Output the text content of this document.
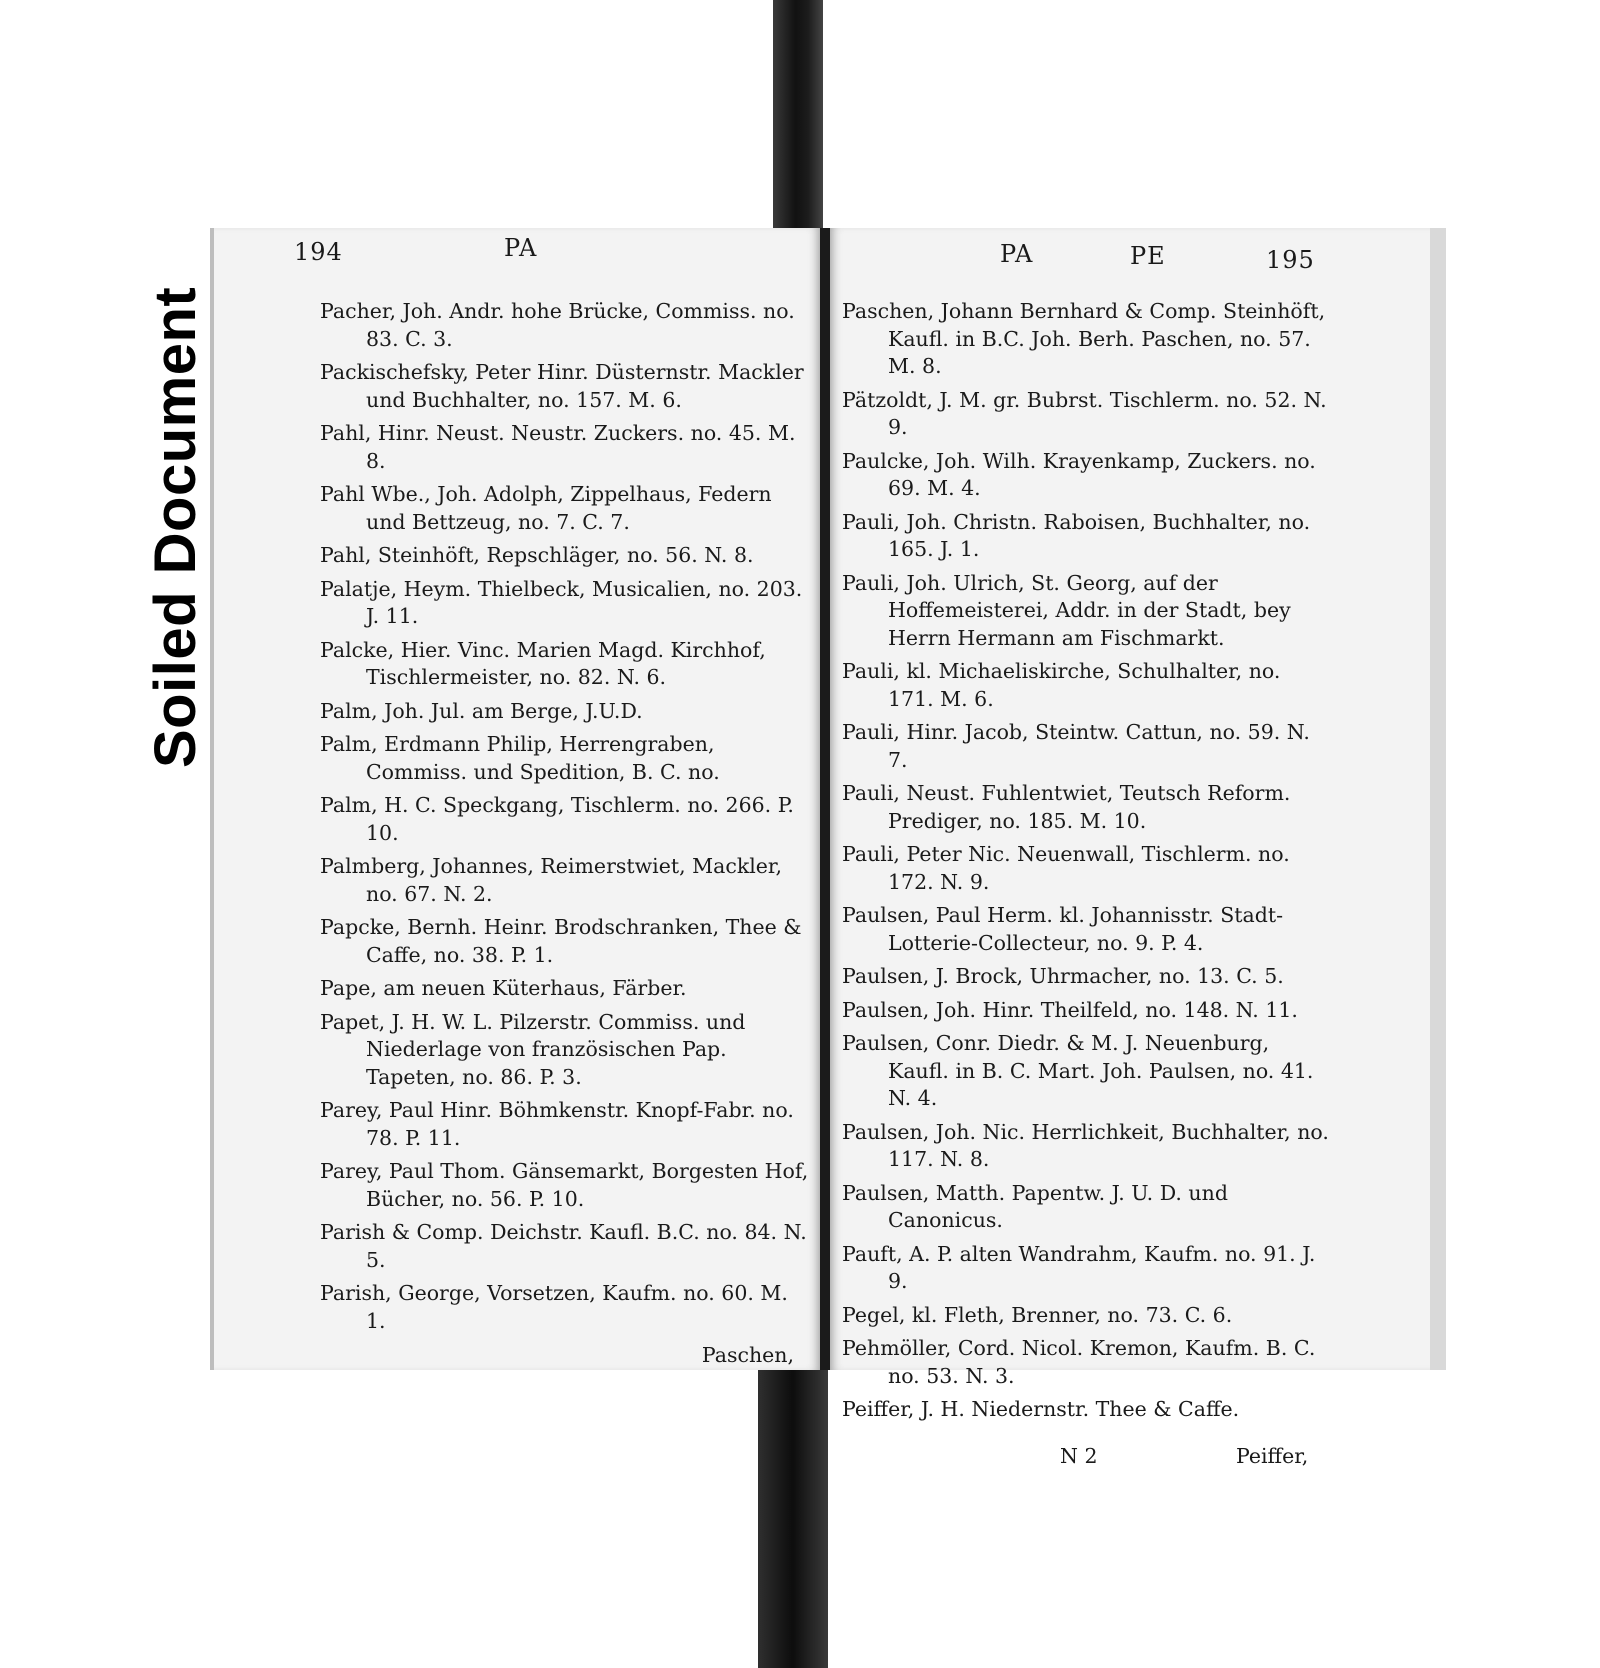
Soiled Document
194	PA
Pacher, Joh. Andr. hohe Brücke, Commiss. no. 83. C. 3.
Packischefsky, Peter Hinr. Düsternstr. Mackler und Buchhalter, no. 157. M. 6.
Pahl, Hinr. Neust. Neustr. Zuckers. no. 45. M. 8.
Pahl Wbe., Joh. Adolph, Zippelhaus, Federn und Bettzeug, no. 7. C. 7.
Pahl, Steinhöft, Repschläger, no. 56. N. 8.
Palatje, Heym. Thielbeck, Musicalien, no. 203. J. 11.
Palcke, Hier. Vinc. Marien Magd. Kirchhof, Tischlermeister, no. 82. N. 6.
Palm, Joh. Jul. am Berge, J.U.D.
Palm, Erdmann Philip, Herrengraben, Commiss. und Spedition, B. C. no.
Palm, H. C. Speckgang, Tischlerm. no. 266. P. 10.
Palmberg, Johannes, Reimerstwiet, Mackler, no. 67. N. 2.
Papcke, Bernh. Heinr. Brodschranken, Thee & Caffe, no. 38. P. 1.
Pape, am neuen Küterhaus, Färber.
Papet, J. H. W. L. Pilzerstr. Commiss. und Niederlage von französischen Pap. Tapeten, no. 86. P. 3.
Parey, Paul Hinr. Böhmkenstr. Knopf-Fabr. no. 78. P. 11.
Parey, Paul Thom. Gänsemarkt, Borgesten Hof, Bücher, no. 56. P. 10.
Parish & Comp. Deichstr. Kaufl. B.C. no. 84. N. 5.
Parish, George, Vorsetzen, Kaufm. no. 60. M. 1.
Paschen,
PA	PE	195
Paschen, Johann Bernhard & Comp. Steinhöft, Kaufl. in B.C. Joh. Berh. Paschen, no. 57. M. 8.
Pätzoldt, J. M. gr. Bubrst. Tischlerm. no. 52. N. 9.
Paulcke, Joh. Wilh. Krayenkamp, Zuckers. no. 69. M. 4.
Pauli, Joh. Christn. Raboisen, Buchhalter, no. 165. J. 1.
Pauli, Joh. Ulrich, St. Georg, auf der Hoffemeisterei, Addr. in der Stadt, bey Herrn Hermann am Fischmarkt.
Pauli, kl. Michaeliskirche, Schulhalter, no. 171. M. 6.
Pauli, Hinr. Jacob, Steintw. Cattun, no. 59. N. 7.
Pauli, Neust. Fuhlentwiet, Teutsch Reform. Prediger, no. 185. M. 10.
Pauli, Peter Nic. Neuenwall, Tischlerm. no. 172. N. 9.
Paulsen, Paul Herm. kl. Johannisstr. Stadt-Lotterie-Collecteur, no. 9. P. 4.
Paulsen, J. Brock, Uhrmacher, no. 13. C. 5.
Paulsen, Joh. Hinr. Theilfeld, no. 148. N. 11.
Paulsen, Conr. Diedr. & M. J. Neuenburg, Kaufl. in B. C. Mart. Joh. Paulsen, no. 41. N. 4.
Paulsen, Joh. Nic. Herrlichkeit, Buchhalter, no. 117. N. 8.
Paulsen, Matth. Papentw. J. U. D. und Canonicus.
Pauft, A. P. alten Wandrahm, Kaufm. no. 91. J. 9.
Pegel, kl. Fleth, Brenner, no. 73. C. 6.
Pehmöller, Cord. Nicol. Kremon, Kaufm. B. C. no. 53. N. 3.
Peiffer, J. H. Niedernstr. Thee & Caffe.
N 2	Peiffer,
